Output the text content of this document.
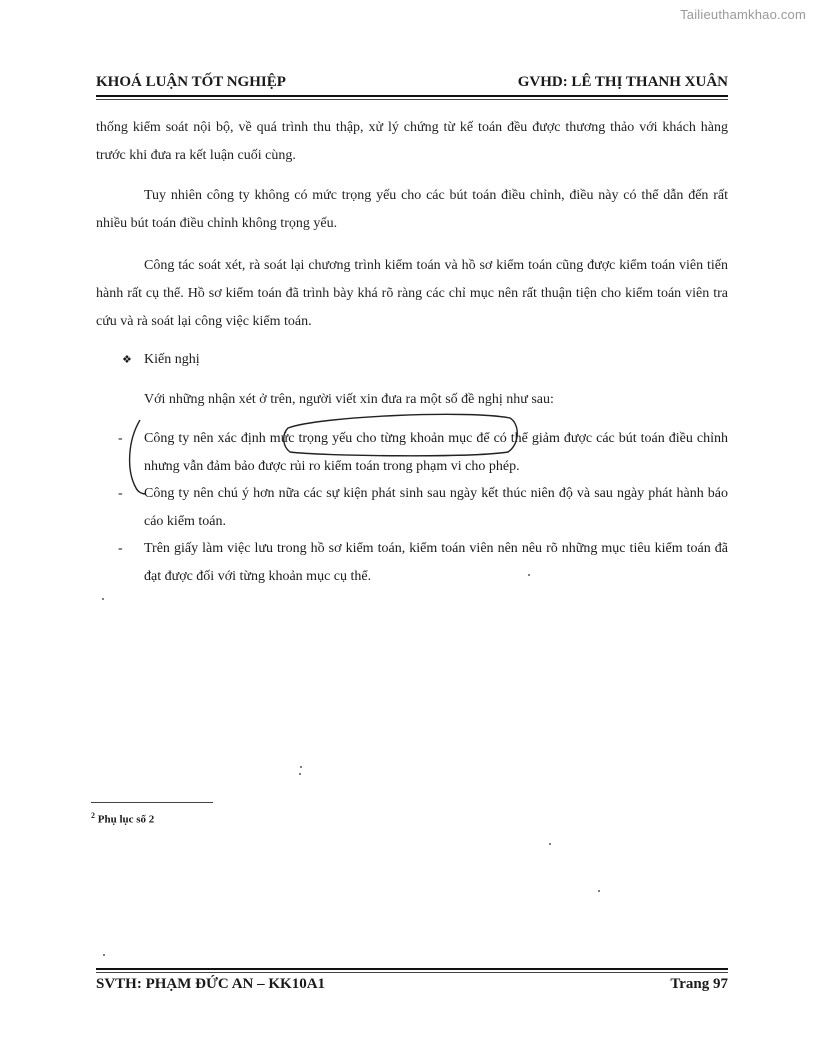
Tailieuthamkhao.com
KHOÁ LUẬN TỐT NGHIỆP	GVHD: LÊ THỊ THANH XUÂN

thống kiểm soát nội bộ, về quá trình thu thập, xử lý chứng từ kế toán đều được thương thảo với khách hàng trước khi đưa ra kết luận cuối cùng.

Tuy nhiên công ty không có mức trọng yếu cho các bút toán điều chỉnh, điều này có thể dẫn đến rất nhiều bút toán điều chỉnh không trọng yếu.

Công tác soát xét, rà soát lại chương trình kiểm toán và hồ sơ kiểm toán cũng được kiểm toán viên tiến hành rất cụ thể. Hồ sơ kiểm toán đã trình bày khá rõ ràng các chỉ mục nên rất thuận tiện cho kiểm toán viên tra cứu và rà soát lại công việc kiểm toán.

❖ Kiến nghị

Với những nhận xét ở trên, người viết xin đưa ra một số đề nghị như sau:

- Công ty nên xác định mức trọng yếu cho từng khoản mục để có thể giảm được các bút toán điều chỉnh nhưng vẫn đảm bảo được rủi ro kiểm toán trong phạm vi cho phép.

- Công ty nên chú ý hơn nữa các sự kiện phát sinh sau ngày kết thúc niên độ và sau ngày phát hành báo cáo kiểm toán.

- Trên giấy làm việc lưu trong hồ sơ kiểm toán, kiểm toán viên nên nêu rõ những mục tiêu kiểm toán đã đạt được đối với từng khoản mục cụ thể.

$^2$ Phụ lục số 2
SVTH: PHẠM ĐỨC AN – KK10A1	Trang 97
